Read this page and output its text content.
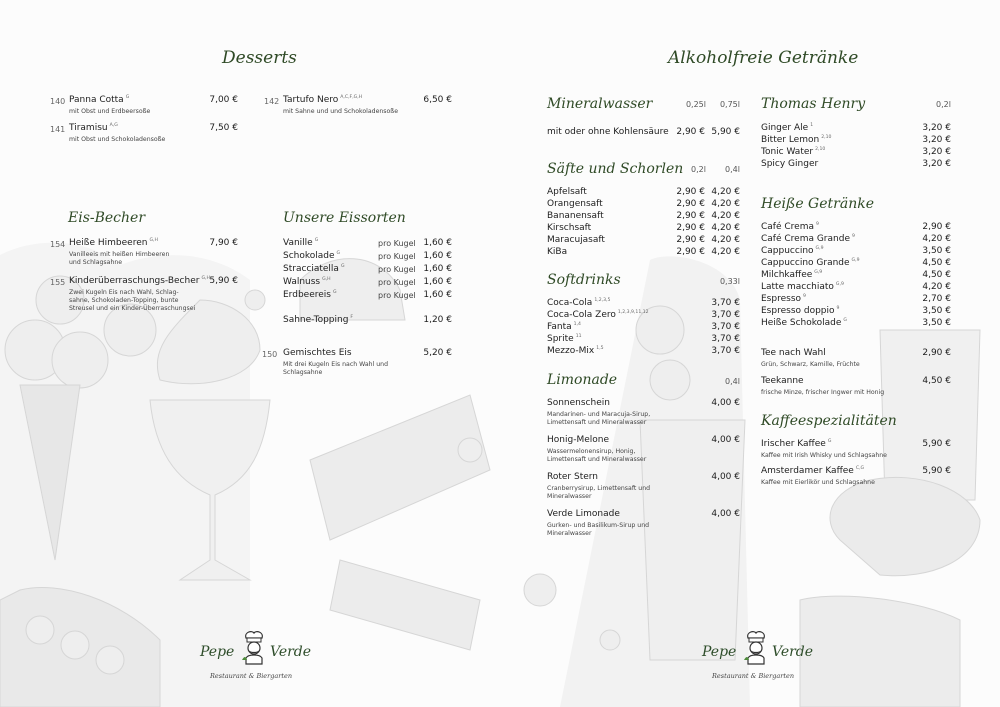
Desserts
140 Panna Cotta $^G$	7,00 €
mit Obst und Erdbeersoße
141 Tiramisu $^{A,G}$	7,50 €
mit Obst und Schokoladensoße
142 Tartufo Nero $^{A,C,F,G,H}$	6,50 €
mit Sahne und und Schokoladensoße
Eis-Becher
154 Heiße Himbeeren $^{G,H}$	7,90 €
Vanilleeis mit heißen Himbeeren
und Schlagsahne
155 Kinderüberraschungs-Becher $^{G,H}$ 5,90 €
Zwei Kugeln Eis nach Wahl, Schlag-
sahne, Schokoladen-Topping, bunte
Streusel und ein Kinder-Überraschungsei
Unsere Eissorten
Vanille $^G$	pro Kugel 1,60 €
Schokolade $^G$	pro Kugel 1,60 €
Stracciatella $^G$	pro Kugel 1,60 €
Walnuss $^{G,H}$	pro Kugel 1,60 €
Erdbeereis $^G$	pro Kugel 1,60 €
Sahne-Topping $^F$	1,20 €
150 Gemischtes Eis	5,20 €
Mit drei Kugeln Eis nach Wahl und
Schlagsahne
Pepe	Verde
Restaurant & Biergarten
Alkoholfreie Getränke
Mineralwasser	0,25l	0,75l
mit oder ohne Kohlensäure 2,90 € 5,90 €
Säfte und Schorlen 0,2l	0,4l
Apfelsaft	2,90 € 4,20 €
Orangensaft	2,90 € 4,20 €
Bananensaft	2,90 € 4,20 €
Kirschsaft	2,90 € 4,20 €
Maracujasaft	2,90 € 4,20 €
KiBa	2,90 € 4,20 €
Softdrinks	0,33l
Coca-Cola $^{1,2,3,5}$	3,70 €
Coca-Cola Zero $^{1,2,3,9,11,12}$	3,70 €
Fanta $^{1,4}$	3,70 €
Sprite $^{11}$	3,70 €
Mezzo-Mix $^{1,5}$	3,70 €
Limonade	0,4l
Sonnenschein	4,00 €
Mandarinen- und Maracuja-Sirup,
Limettensaft und Mineralwasser
Honig-Melone	4,00 €
Wassermelonensirup, Honig,
Limettensaft und Mineralwasser
Roter Stern	4,00 €
Cranberrysirup, Limettensaft und
Mineralwasser
Verde Limonade	4,00 €
Gurken- und Basilikum-Sirup und
Mineralwasser
Thomas Henry	0,2l
Ginger Ale $^1$	3,20 €
Bitter Lemon $^{2,10}$	3,20 €
Tonic Water $^{2,10}$	3,20 €
Spicy Ginger	3,20 €
Heiße Getränke
Café Crema $^9$	2,90 €
Café Crema Grande $^9$	4,20 €
Cappuccino $^{G,9}$	3,50 €
Cappuccino Grande $^{G,9}$	4,50 €
Milchkaffee $^{G,9}$	4,50 €
Latte macchiato $^{G,9}$	4,20 €
Espresso $^9$	2,70 €
Espresso doppio $^9$	3,50 €
Heiße Schokolade $^G$	3,50 €
Tee nach Wahl	2,90 €
Grün, Schwarz, Kamille, Früchte
Teekanne	4,50 €
frische Minze, frischer Ingwer mit Honig
Kaffeespezialitäten
Irischer Kaffee $^G$	5,90 €
Kaffee mit Irish Whisky und Schlagsahne
Amsterdamer Kaffee $^{C,G}$	5,90 €
Kaffee mit Eierlikör und Schlagsahne
Pepe	Verde
Restaurant & Biergarten
